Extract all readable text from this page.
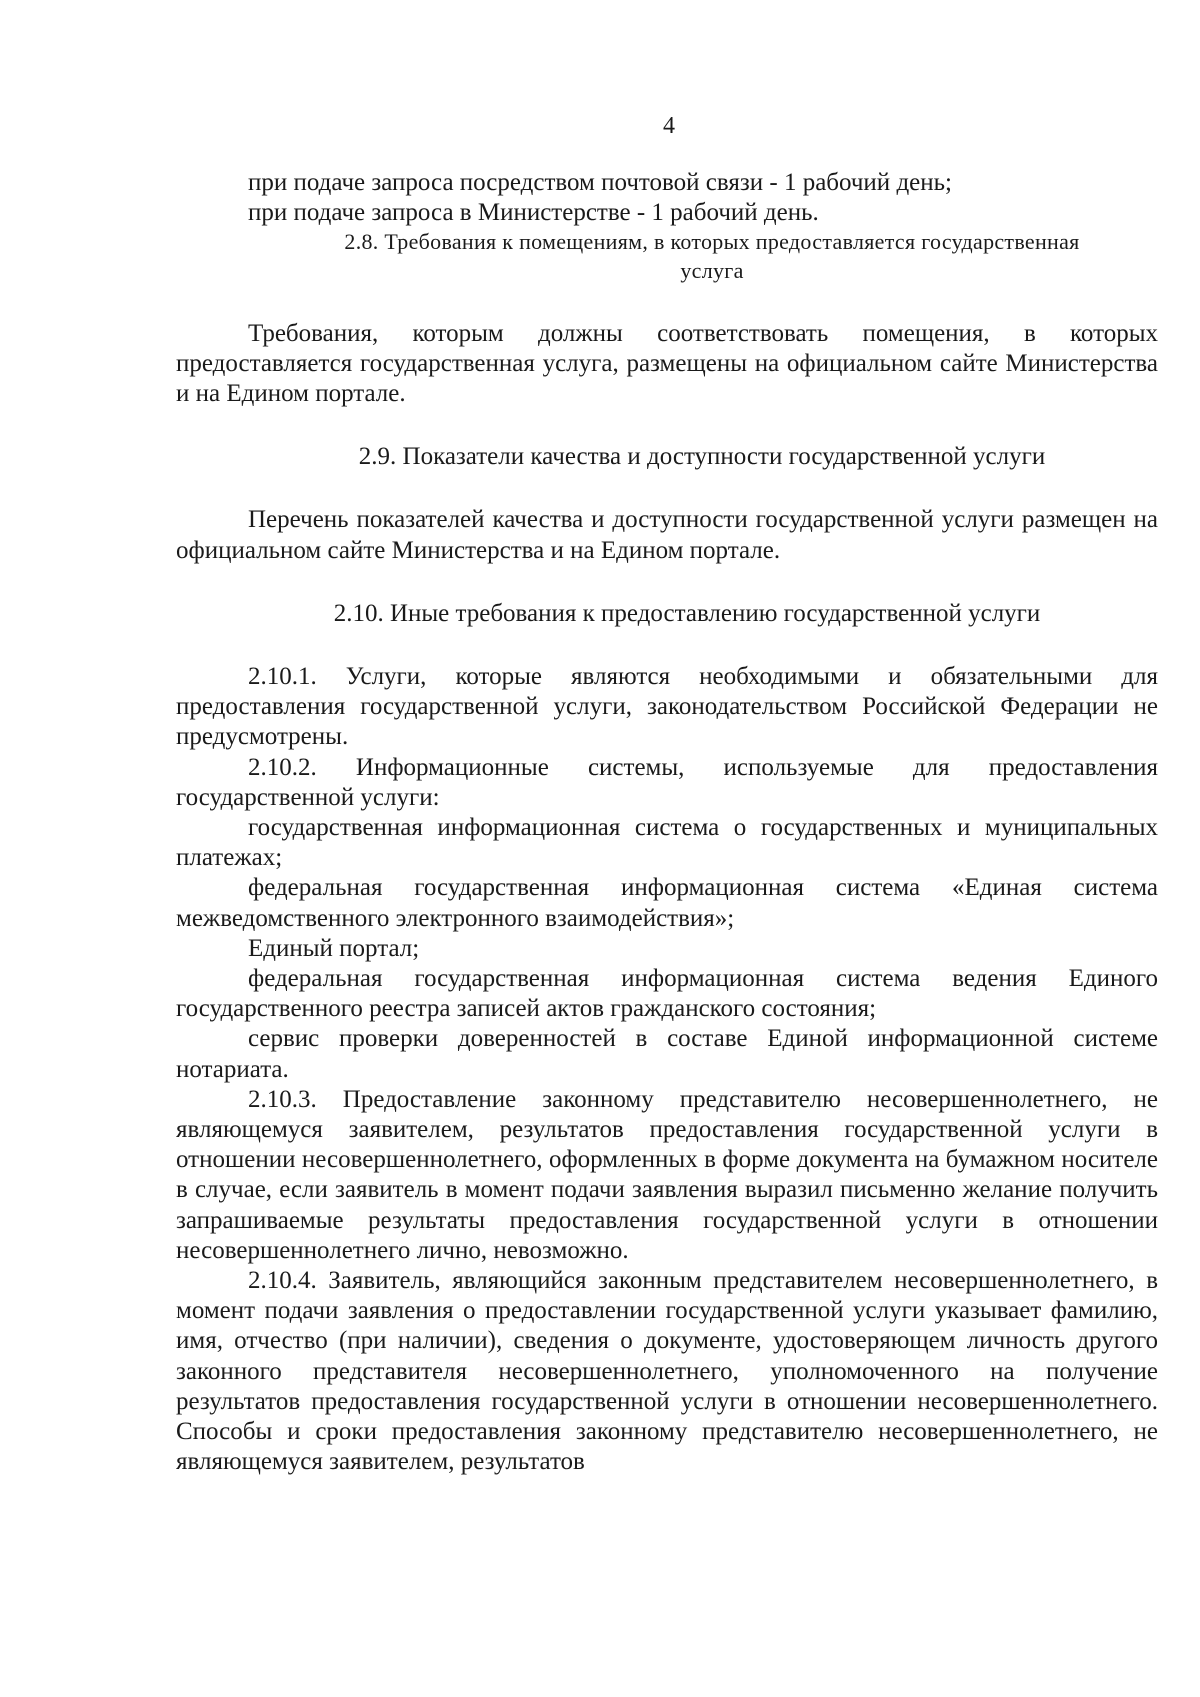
4

при подаче запроса посредством почтовой связи - 1 рабочий день;

при подаче запроса в Министерстве - 1 рабочий день.

2.8. Требования к помещениям, в которых предоставляется государственная услуга

Требования, которым должны соответствовать помещения, в которых предоставляется государственная услуга, размещены на официальном сайте Министерства и на Едином портале.

2.9. Показатели качества и доступности государственной услуги

Перечень показателей качества и доступности государственной услуги размещен на официальном сайте Министерства и на Едином портале.

2.10. Иные требования к предоставлению государственной услуги

2.10.1. Услуги, которые являются необходимыми и обязательными для предоставления государственной услуги, законодательством Российской Федерации не предусмотрены.

2.10.2. Информационные системы, используемые для предоставления государственной услуги:

государственная информационная система о государственных и муниципальных платежах;

федеральная государственная информационная система «Единая система межведомственного электронного взаимодействия»;

Единый портал;

федеральная государственная информационная система ведения Единого государственного реестра записей актов гражданского состояния;

сервис проверки доверенностей в составе Единой информационной системе нотариата.

2.10.3. Предоставление законному представителю несовершеннолетнего, не являющемуся заявителем, результатов предоставления государственной услуги в отношении несовершеннолетнего, оформленных в форме документа на бумажном носителе в случае, если заявитель в момент подачи заявления выразил письменно желание получить запрашиваемые результаты предоставления государственной услуги в отношении несовершеннолетнего лично, невозможно.

2.10.4. Заявитель, являющийся законным представителем несовершеннолетнего, в момент подачи заявления о предоставлении государственной услуги указывает фамилию, имя, отчество (при наличии), сведения о документе, удостоверяющем личность другого законного представителя несовершеннолетнего, уполномоченного на получение результатов предоставления государственной услуги в отношении несовершеннолетнего. Способы и сроки предоставления законному представителю несовершеннолетнего, не являющемуся заявителем, результатов
